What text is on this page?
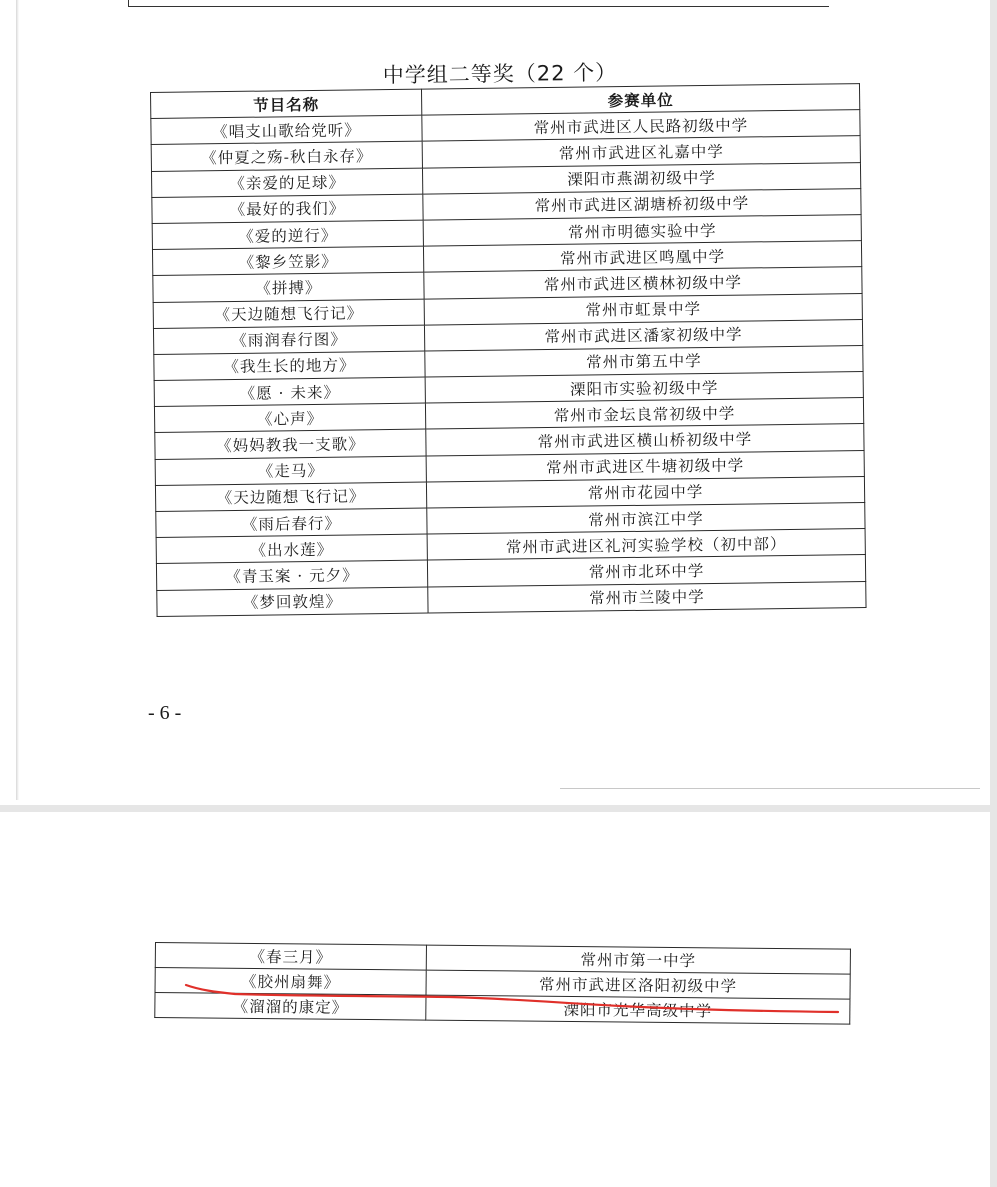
中学组二等奖（22 个）
节目名称	参赛单位
《唱支山歌给党听》	常州市武进区人民路初级中学
《仲夏之殇-秋白永存》	常州市武进区礼嘉中学
《亲爱的足球》	溧阳市燕湖初级中学
《最好的我们》	常州市武进区湖塘桥初级中学
《爱的逆行》	常州市明德实验中学
《黎乡笠影》	常州市武进区鸣凰中学
《拼搏》	常州市武进区横林初级中学
《天边随想飞行记》	常州市虹景中学
《雨润春行图》	常州市武进区潘家初级中学
《我生长的地方》	常州市第五中学
《愿 · 未来》	溧阳市实验初级中学
《心声》	常州市金坛良常初级中学
《妈妈教我一支歌》	常州市武进区横山桥初级中学
《走马》	常州市武进区牛塘初级中学
《天边随想飞行记》	常州市花园中学
《雨后春行》	常州市滨江中学
《出水莲》	常州市武进区礼河实验学校（初中部）
《青玉案 · 元夕》	常州市北环中学
《梦回敦煌》	常州市兰陵中学
- 6 -
《春三月》	常州市第一中学
《胶州扇舞》	常州市武进区洛阳初级中学
《溜溜的康定》	溧阳市光华高级中学
